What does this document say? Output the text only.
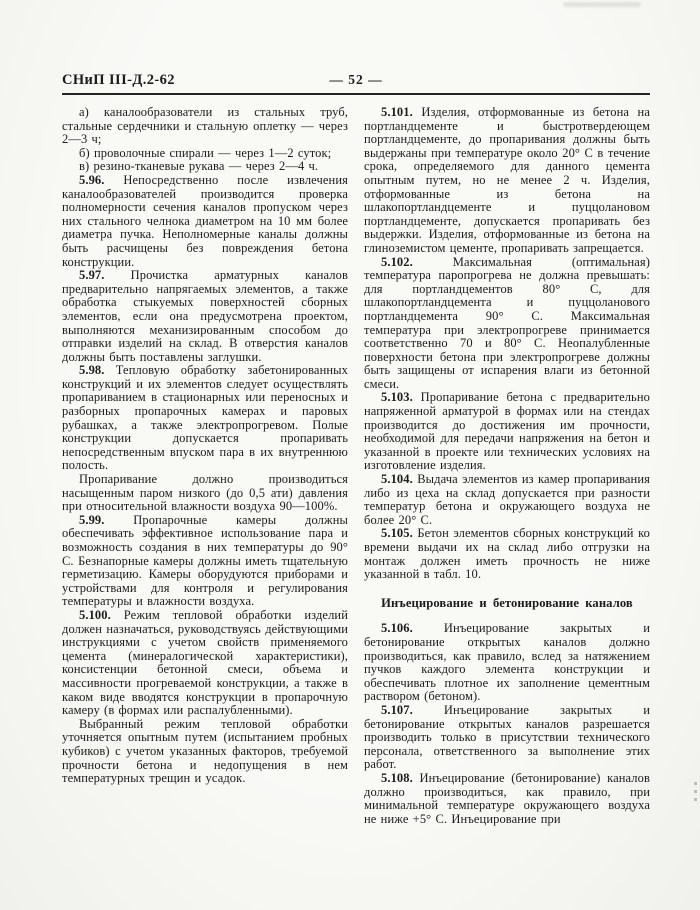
СНиП III-Д.2-62	— 52 —

а) каналообразователи из стальных труб, стальные сердечники и стальную оплетку — через 2—3 ч;

б) проволочные спирали — через 1—2 суток;

в) резино-тканевые рукава — через 2—4 ч.

5.96. Непосредственно после извлечения каналообразователей производится проверка полномерности сечения каналов пропуском через них стального челнока диаметром на 10 мм более диаметра пучка. Неполномерные каналы должны быть расчищены без повреждения бетона конструкции.

5.97. Прочистка арматурных каналов предварительно напрягаемых элементов, а также обработка стыкуемых поверхностей сборных элементов, если она предусмотрена проектом, выполняются механизированным способом до отправки изделий на склад. В отверстия каналов должны быть поставлены заглушки.

5.98. Тепловую обработку забетонированных конструкций и их элементов следует осуществлять пропариванием в стационарных или переносных и разборных пропарочных камерах и паровых рубашках, а также электропрогревом. Полые конструкции допускается пропаривать непосредственным впуском пара в их внутреннюю полость.

Пропаривание должно производиться насыщенным паром низкого (до 0,5 ати) давления при относительной влажности воздуха 90—100%.

5.99. Пропарочные камеры должны обеспечивать эффективное использование пара и возможность создания в них температуры до 90° С. Безнапорные камеры должны иметь тщательную герметизацию. Камеры оборудуются приборами и устройствами для контроля и регулирования температуры и влажности воздуха.

5.100. Режим тепловой обработки изделий должен назначаться, руководствуясь действующими инструкциями с учетом свойств применяемого цемента (минералогической характеристики), консистенции бетонной смеси, объема и массивности прогреваемой конструкции, а также в каком виде вводятся конструкции в пропарочную камеру (в формах или распалубленными).

Выбранный режим тепловой обработки уточняется опытным путем (испытанием пробных кубиков) с учетом указанных факторов, требуемой прочности бетона и недопущения в нем температурных трещин и усадок.

5.101. Изделия, отформованные из бетона на портландцементе и быстротвердеющем портландцементе, до пропаривания должны быть выдержаны при температуре около 20° С в течение срока, определяемого для данного цемента опытным путем, но не менее 2 ч. Изделия, отформованные из бетона на шлакопортландцементе и пуццолановом портландцементе, допускается пропаривать без выдержки. Изделия, отформованные из бетона на глиноземистом цементе, пропаривать запрещается.

5.102.	Максимальная (оптимальная) температура паропрогрева не должна превышать: для портландцементов 80° С, для шлакопортландцемента и пуццоланового портландцемента 90° С. Максимальная температура при электропрогреве принимается соответственно 70 и 80° С. Неопалубленные поверхности бетона при электропрогреве должны быть защищены от испарения влаги из бетонной смеси.

5.103. Пропаривание бетона с предварительно напряженной арматурой в формах или на стендах производится до достижения им прочности, необходимой для передачи напряжения на бетон и указанной в проекте или технических условиях на изготовление изделия.

5.104. Выдача элементов из камер пропаривания либо из цеха на склад допускается при разности температур бетона и окружающего воздуха не более 20° С.

5.105. Бетон элементов сборных конструкций ко времени выдачи их на склад либо отгрузки на монтаж должен иметь прочность не ниже указанной в табл. 10.

Инъецирование и бетонирование каналов

5.106. Инъецирование закрытых и бетонирование открытых каналов должно производиться, как правило, вслед за натяжением пучков каждого элемента конструкции и обеспечивать плотное их заполнение цементным раствором (бетоном).

5.107. Инъецирование закрытых и бетонирование открытых каналов разрешается производить только в присутствии технического персонала, ответственного за выполнение этих работ.

5.108. Инъецирование (бетонирование) каналов должно производиться, как правило, при минимальной температуре окружающего воздуха не ниже +5° С. Инъецирование при
